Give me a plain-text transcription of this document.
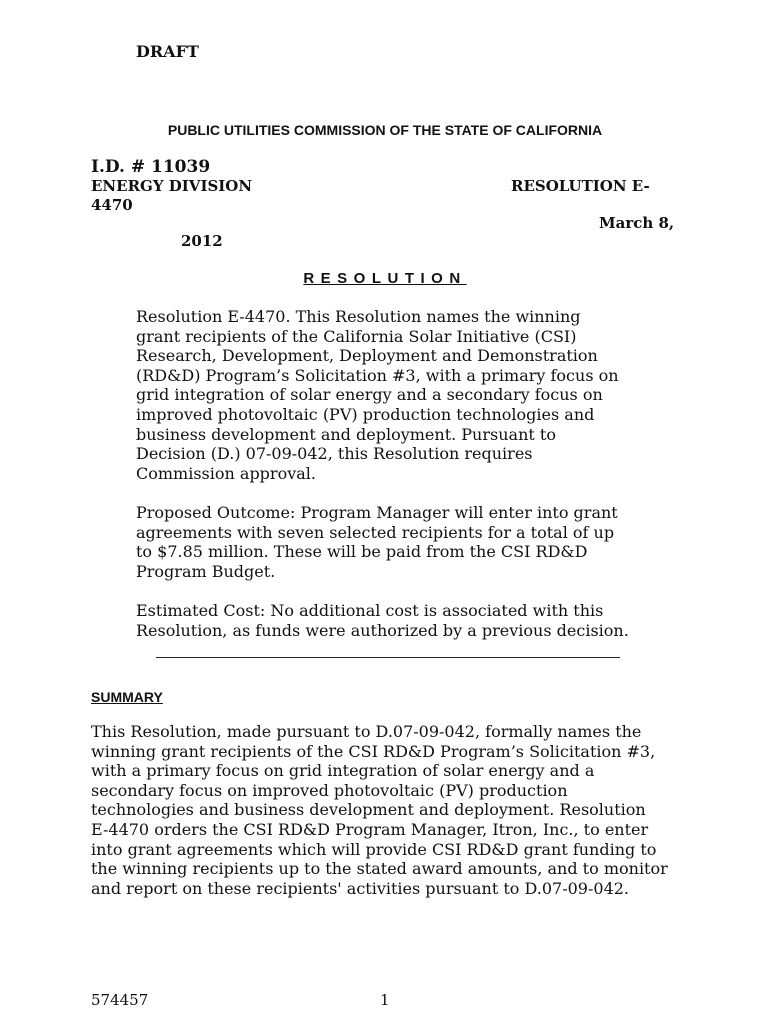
DRAFT
PUBLIC UTILITIES COMMISSION OF THE STATE OF CALIFORNIA
I.D. # 11039
ENERGY DIVISION	RESOLUTION E-
4470
March 8,
2012
RESOLUTION
Resolution E-4470. This Resolution names the winning
grant recipients of the California Solar Initiative (CSI)
Research, Development, Deployment and Demonstration
(RD&D) Program’s Solicitation #3, with a primary focus on
grid integration of solar energy and a secondary focus on
improved photovoltaic (PV) production technologies and
business development and deployment. Pursuant to
Decision (D.) 07-09-042, this Resolution requires
Commission approval.
Proposed Outcome: Program Manager will enter into grant
agreements with seven selected recipients for a total of up
to $7.85 million. These will be paid from the CSI RD&D
Program Budget.
Estimated Cost: No additional cost is associated with this
Resolution, as funds were authorized by a previous decision.
SUMMARY
This Resolution, made pursuant to D.07-09-042, formally names the
winning grant recipients of the CSI RD&D Program’s Solicitation #3,
with a primary focus on grid integration of solar energy and a
secondary focus on improved photovoltaic (PV) production
technologies and business development and deployment. Resolution
E-4470 orders the CSI RD&D Program Manager, Itron, Inc., to enter
into grant agreements which will provide CSI RD&D grant funding to
the winning recipients up to the stated award amounts, and to monitor
and report on these recipients' activities pursuant to D.07-09-042.
574457	1
